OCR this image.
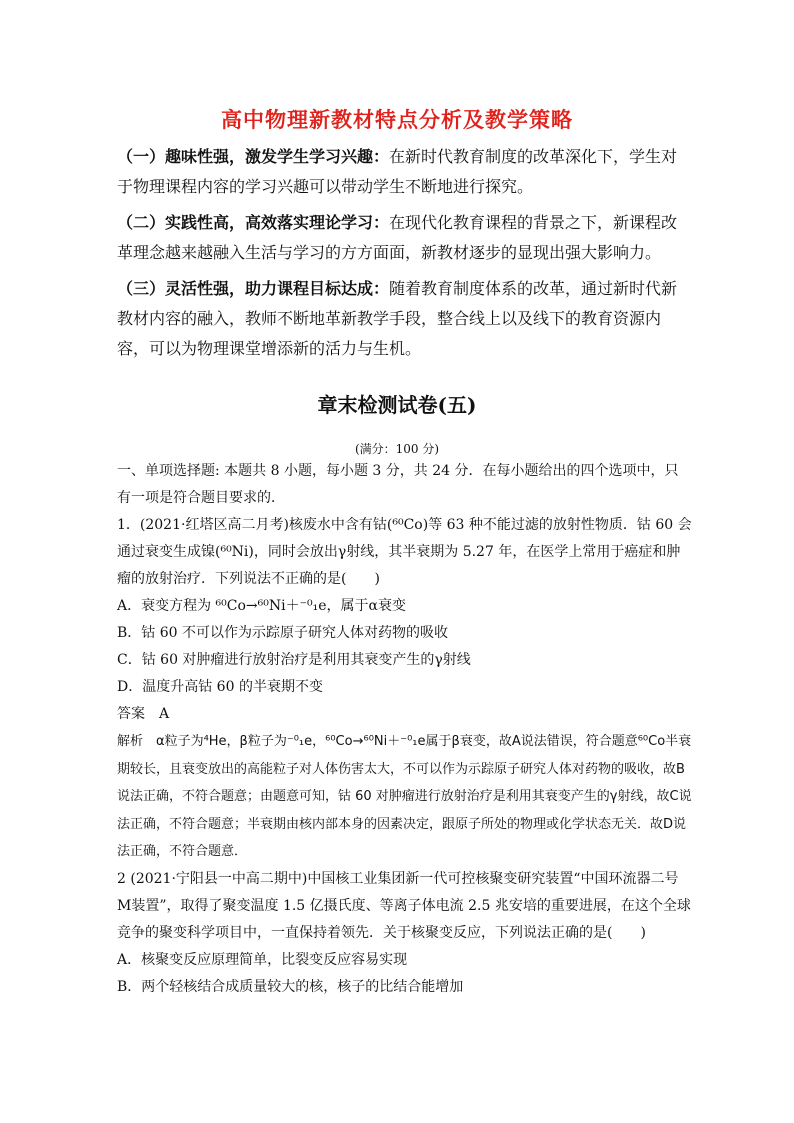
高中物理新教材特点分析及教学策略

（一）趣味性强，激发学生学习兴趣：在新时代教育制度的改革深化下，学生对于物理课程内容的学习兴趣可以带动学生不断地进行探究。

（二）实践性高，高效落实理论学习：在现代化教育课程的背景之下，新课程改革理念越来越融入生活与学习的方方面面，新教材逐步的显现出强大影响力。

（三）灵活性强，助力课程目标达成：随着教育制度体系的改革，通过新时代新教材内容的融入，教师不断地革新教学手段，整合线上以及线下的教育资源内容，可以为物理课堂增添新的活力与生机。

章末检测试卷(五)
(满分：100 分)

一、单项选择题: 本题共 8 小题，每小题 3 分，共 24 分．在每小题给出的四个选项中，只有一项是符合题目要求的．

1．(2021·红塔区高二月考)核废水中含有钴(⁶⁰Co)等 63 种不能过滤的放射性物质．钴 60 会通过衰变生成镍(⁶⁰Ni)，同时会放出γ射线，其半衰期为 5.27 年，在医学上常用于癌症和肿瘤的放射治疗．下列说法不正确的是(　　)

A．衰变方程为 ⁶⁰Co→⁶⁰Ni＋⁻⁰₁e，属于α衰变

B．钴 60 不可以作为示踪原子研究人体对药物的吸收

C．钴 60 对肿瘤进行放射治疗是利用其衰变产生的γ射线

D．温度升高钴 60 的半衰期不变

答案　A

解析　α粒子为⁴He，β粒子为⁻⁰₁e，⁶⁰Co→⁶⁰Ni＋⁻⁰₁e属于β衰变，故A说法错误，符合题意⁶⁰Co半衰期较长，且衰变放出的高能粒子对人体伤害太大，不可以作为示踪原子研究人体对药物的吸收，故B说法正确，不符合题意；由题意可知，钴 60 对肿瘤进行放射治疗是利用其衰变产生的γ射线，故C说法正确，不符合题意；半衰期由核内部本身的因素决定，跟原子所处的物理或化学状态无关．故D说法正确，不符合题意．

2 (2021·宁阳县一中高二期中)中国核工业集团新一代可控核聚变研究装置“中国环流器二号M装置”，取得了聚变温度 1.5 亿摄氏度、等离子体电流 2.5 兆安培的重要进展，在这个全球竞争的聚变科学项目中，一直保持着领先．关于核聚变反应，下列说法正确的是(　　)

A．核聚变反应原理简单，比裂变反应容易实现

B．两个轻核结合成质量较大的核，核子的比结合能增加
